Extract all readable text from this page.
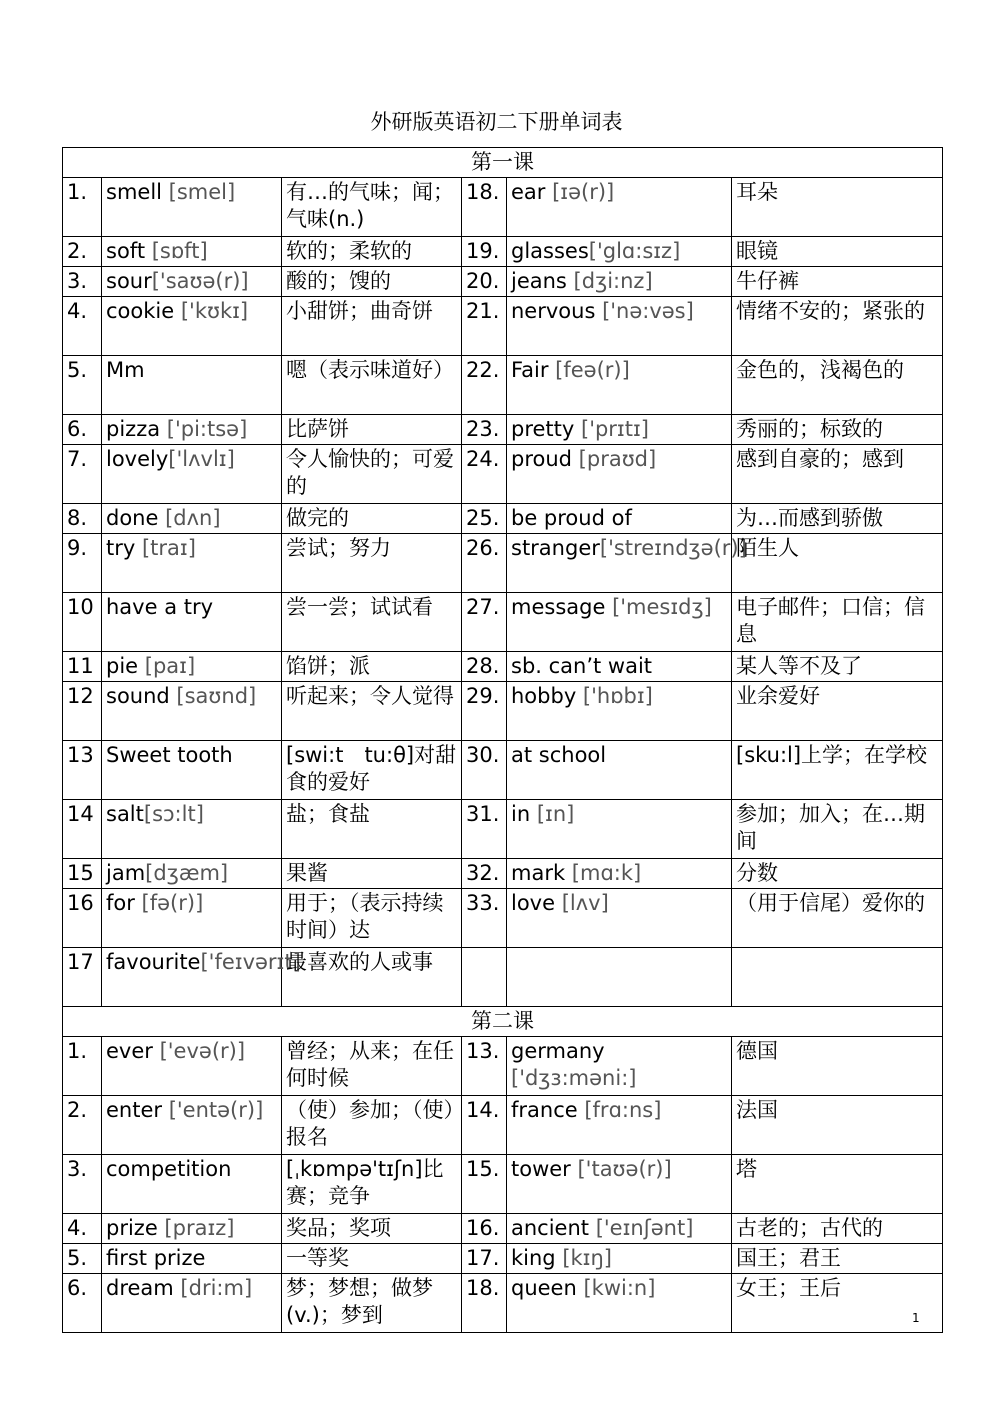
外研版英语初二下册单词表
第一课					
1.	smell [smel]	有…的气味；闻；气味(n.)	18.	ear [ɪə(r)]	耳朵
2.	soft [sɒft]	软的；柔软的	19.	glasses['glɑ:sɪz]	眼镜
3.	sour['saʊə(r)]	酸的；馊的	20.	jeans [dʒi:nz]	牛仔裤
4.	cookie ['kʊkɪ]	小甜饼；曲奇饼	21.	nervous ['nə:vəs]	情绪不安的；紧张的
5.	Mm	嗯（表示味道好）	22.	Fair [feə(r)]	金色的，浅褐色的
6.	pizza ['pi:tsə]	比萨饼	23.	pretty ['prɪtɪ]	秀丽的；标致的
7.	lovely['lʌvlɪ]	令人愉快的；可爱的	24.	proud [praʊd]	感到自豪的；感到
8.	done [dʌn]	做完的	25.	be proud of	为…而感到骄傲
9.	try [traɪ]	尝试；努力	26.	stranger['streɪndʒə(r)]	陌生人
10	have a try	尝一尝；试试看	27.	message ['mesɪdʒ]	电子邮件；口信；信息
11	pie [paɪ]	馅饼；派	28.	sb. can’t wait	某人等不及了
12	sound [saʊnd]	听起来；令人觉得	29.	hobby ['hɒbɪ]	业余爱好
13	Sweet tooth	[swi:t　tu:θ]对甜食的爱好	30.	at school	[sku:l]上学；在学校
14	salt[sɔ:lt]	盐；食盐	31.	in [ɪn]	参加；加入；在…期间
15	jam[dʒæm]	果酱	32.	mark [mɑ:k]	分数
16	for [fə(r)]	用于；（表示持续时间）达	33.	love [lʌv]	（用于信尾）爱你的
17	favourite['feɪvərɪt]	最喜欢的人或事			
第二课					
1.	ever ['evə(r)]	曾经；从来；在任何时候	13.	germany ['dʒɜ:məni:]	德国
2.	enter ['entə(r)]	（使）参加；（使）报名	14.	france [frɑ:ns]	法国
3.	competition	[ˌkɒmpə'tɪʃn]比赛；竞争	15.	tower ['taʊə(r)]	塔
4.	prize [praɪz]	奖品；奖项	16.	ancient ['eɪnʃənt]	古老的；古代的
5.	first prize	一等奖	17.	king [kɪŋ]	国王；君王
6.	dream [dri:m]	梦；梦想；做梦(v.)；梦到	18.	queen [kwi:n]	女王；王后
1
